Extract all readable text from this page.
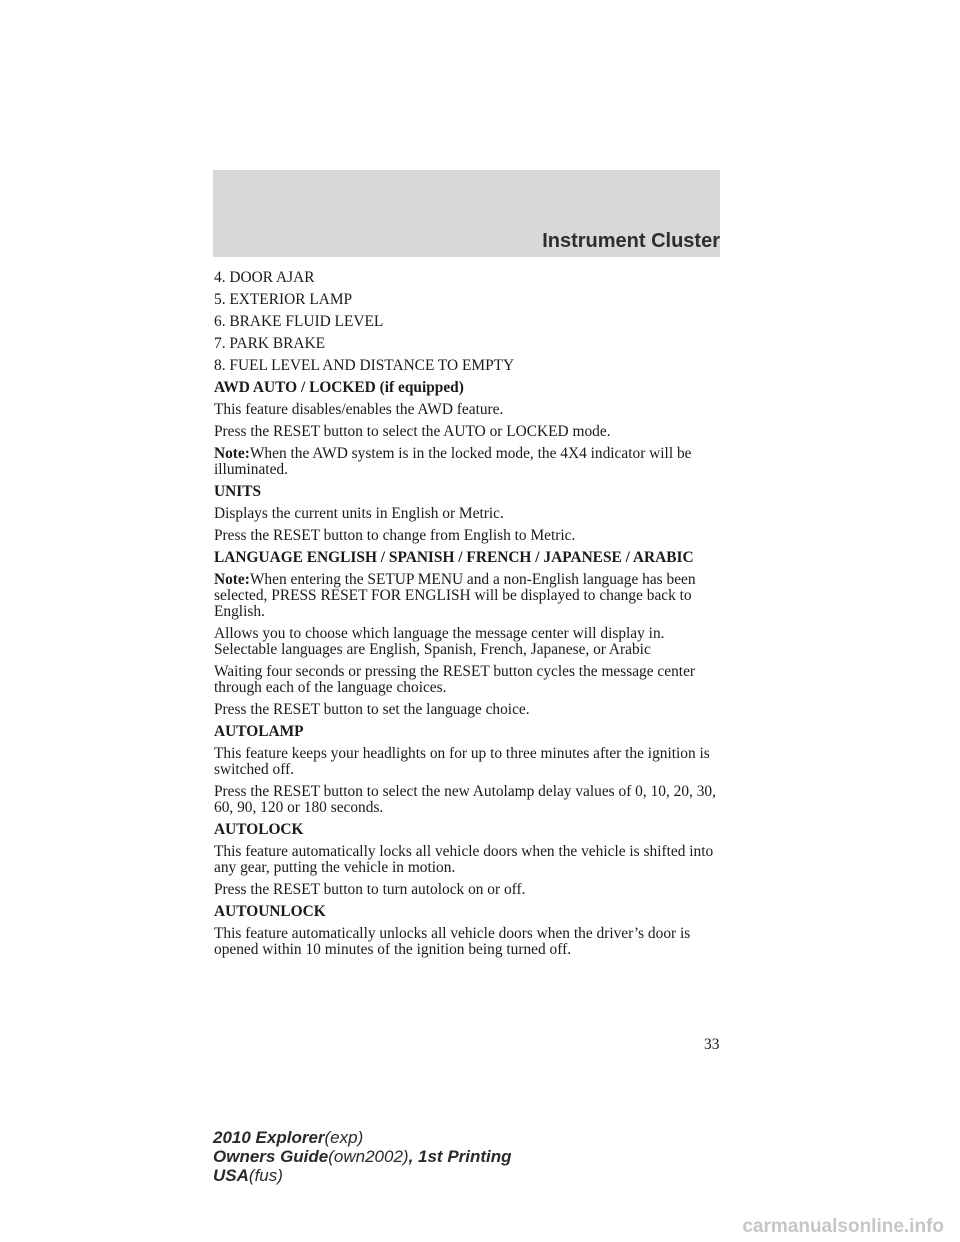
Instrument Cluster

4. DOOR AJAR

5. EXTERIOR LAMP

6. BRAKE FLUID LEVEL

7. PARK BRAKE

8. FUEL LEVEL AND DISTANCE TO EMPTY

AWD AUTO / LOCKED (if equipped)

This feature disables/enables the AWD feature.

Press the RESET button to select the AUTO or LOCKED mode.

Note:When the AWD system is in the locked mode, the 4X4 indicator will be illuminated.

UNITS

Displays the current units in English or Metric.

Press the RESET button to change from English to Metric.

LANGUAGE ENGLISH / SPANISH / FRENCH / JAPANESE / ARABIC

Note:When entering the SETUP MENU and a non-English language has been selected, PRESS RESET FOR ENGLISH will be displayed to change back to English.

Allows you to choose which language the message center will display in. Selectable languages are English, Spanish, French, Japanese, or Arabic

Waiting four seconds or pressing the RESET button cycles the message center through each of the language choices.

Press the RESET button to set the language choice.

AUTOLAMP

This feature keeps your headlights on for up to three minutes after the ignition is switched off.

Press the RESET button to select the new Autolamp delay values of 0, 10, 20, 30, 60, 90, 120 or 180 seconds.

AUTOLOCK

This feature automatically locks all vehicle doors when the vehicle is shifted into any gear, putting the vehicle in motion.

Press the RESET button to turn autolock on or off.

AUTOUNLOCK

This feature automatically unlocks all vehicle doors when the driver’s door is opened within 10 minutes of the ignition being turned off.

33
2010 Explorer(exp)
Owners Guide(own2002), 1st Printing
USA(fus)
carmanualsonline.info
